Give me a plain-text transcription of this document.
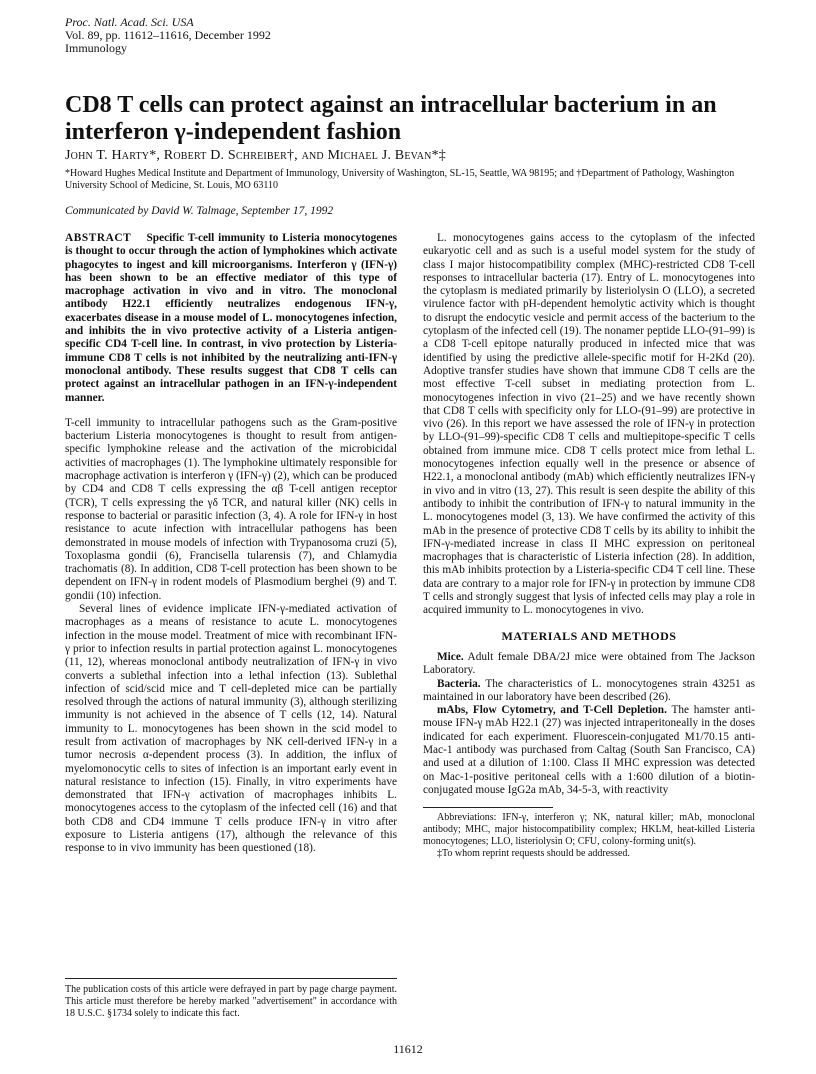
Proc. Natl. Acad. Sci. USA
Vol. 89, pp. 11612–11616, December 1992
Immunology
CD8 T cells can protect against an intracellular bacterium in an interferon γ-independent fashion
John T. Harty*, Robert D. Schreiber†, and Michael J. Bevan*‡
*Howard Hughes Medical Institute and Department of Immunology, University of Washington, SL-15, Seattle, WA 98195; and †Department of Pathology, Washington University School of Medicine, St. Louis, MO 63110
Communicated by David W. Talmage, September 17, 1992

ABSTRACT Specific T-cell immunity to Listeria monocytogenes is thought to occur through the action of lymphokines which activate phagocytes to ingest and kill microorganisms. Interferon γ (IFN-γ) has been shown to be an effective mediator of this type of macrophage activation in vivo and in vitro. The monoclonal antibody H22.1 efficiently neutralizes endogenous IFN-γ, exacerbates disease in a mouse model of L. monocytogenes infection, and inhibits the in vivo protective activity of a Listeria antigen-specific CD4 T-cell line. In contrast, in vivo protection by Listeria-immune CD8 T cells is not inhibited by the neutralizing anti-IFN-γ monoclonal antibody. These results suggest that CD8 T cells can protect against an intracellular pathogen in an IFN-γ-independent manner.

T-cell immunity to intracellular pathogens such as the Gram-positive bacterium Listeria monocytogenes is thought to result from antigen-specific lymphokine release and the activation of the microbicidal activities of macrophages (1). The lymphokine ultimately responsible for macrophage activation is interferon γ (IFN-γ) (2), which can be produced by CD4 and CD8 T cells expressing the αβ T-cell antigen receptor (TCR), T cells expressing the γδ TCR, and natural killer (NK) cells in response to bacterial or parasitic infection (3, 4). A role for IFN-γ in host resistance to acute infection with intracellular pathogens has been demonstrated in mouse models of infection with Trypanosoma cruzi (5), Toxoplasma gondii (6), Francisella tularensis (7), and Chlamydia trachomatis (8). In addition, CD8 T-cell protection has been shown to be dependent on IFN-γ in rodent models of Plasmodium berghei (9) and T. gondii (10) infection.

Several lines of evidence implicate IFN-γ-mediated activation of macrophages as a means of resistance to acute L. monocytogenes infection in the mouse model. Treatment of mice with recombinant IFN-γ prior to infection results in partial protection against L. monocytogenes (11, 12), whereas monoclonal antibody neutralization of IFN-γ in vivo converts a sublethal infection into a lethal infection (13). Sublethal infection of scid/scid mice and T cell-depleted mice can be partially resolved through the actions of natural immunity (3), although sterilizing immunity is not achieved in the absence of T cells (12, 14). Natural immunity to L. monocytogenes has been shown in the scid model to result from activation of macrophages by NK cell-derived IFN-γ in a tumor necrosis α-dependent process (3). In addition, the influx of myelomonocytic cells to sites of infection is an important early event in natural resistance to infection (15). Finally, in vitro experiments have demonstrated that IFN-γ activation of macrophages inhibits L. monocytogenes access to the cytoplasm of the infected cell (16) and that both CD8 and CD4 immune T cells produce IFN-γ in vitro after exposure to Listeria antigens (17), although the relevance of this response to in vivo immunity has been questioned (18).

L. monocytogenes gains access to the cytoplasm of the infected eukaryotic cell and as such is a useful model system for the study of class I major histocompatibility complex (MHC)-restricted CD8 T-cell responses to intracellular bacteria (17). Entry of L. monocytogenes into the cytoplasm is mediated primarily by listeriolysin O (LLO), a secreted virulence factor with pH-dependent hemolytic activity which is thought to disrupt the endocytic vesicle and permit access of the bacterium to the cytoplasm of the infected cell (19). The nonamer peptide LLO-(91–99) is a CD8 T-cell epitope naturally produced in infected mice that was identified by using the predictive allele-specific motif for H-2Kd (20). Adoptive transfer studies have shown that immune CD8 T cells are the most effective T-cell subset in mediating protection from L. monocytogenes infection in vivo (21–25) and we have recently shown that CD8 T cells with specificity only for LLO-(91–99) are protective in vivo (26). In this report we have assessed the role of IFN-γ in protection by LLO-(91–99)-specific CD8 T cells and multiepitope-specific T cells obtained from immune mice. CD8 T cells protect mice from lethal L. monocytogenes infection equally well in the presence or absence of H22.1, a monoclonal antibody (mAb) which efficiently neutralizes IFN-γ in vivo and in vitro (13, 27). This result is seen despite the ability of this antibody to inhibit the contribution of IFN-γ to natural immunity in the L. monocytogenes model (3, 13). We have confirmed the activity of this mAb in the presence of protective CD8 T cells by its ability to inhibit the IFN-γ-mediated increase in class II MHC expression on peritoneal macrophages that is characteristic of Listeria infection (28). In addition, this mAb inhibits protection by a Listeria-specific CD4 T cell line. These data are contrary to a major role for IFN-γ in protection by immune CD8 T cells and strongly suggest that lysis of infected cells may play a role in acquired immunity to L. monocytogenes in vivo.

MATERIALS AND METHODS

Mice. Adult female DBA/2J mice were obtained from The Jackson Laboratory.

Bacteria. The characteristics of L. monocytogenes strain 43251 as maintained in our laboratory have been described (26).

mAbs, Flow Cytometry, and T-Cell Depletion. The hamster anti-mouse IFN-γ mAb H22.1 (27) was injected intraperitoneally in the doses indicated for each experiment. Fluorescein-conjugated M1/70.15 anti-Mac-1 antibody was purchased from Caltag (South San Francisco, CA) and used at a dilution of 1:100. Class II MHC expression was detected on Mac-1-positive peritoneal cells with a 1:600 dilution of a biotin-conjugated mouse IgG2a mAb, 34-5-3, with reactivity

Abbreviations: IFN-γ, interferon γ; NK, natural killer; mAb, monoclonal antibody; MHC, major histocompatibility complex; HKLM, heat-killed Listeria monocytogenes; LLO, listeriolysin O; CFU, colony-forming unit(s).

‡To whom reprint requests should be addressed.

The publication costs of this article were defrayed in part by page charge payment. This article must therefore be hereby marked "advertisement" in accordance with 18 U.S.C. §1734 solely to indicate this fact.
11612
